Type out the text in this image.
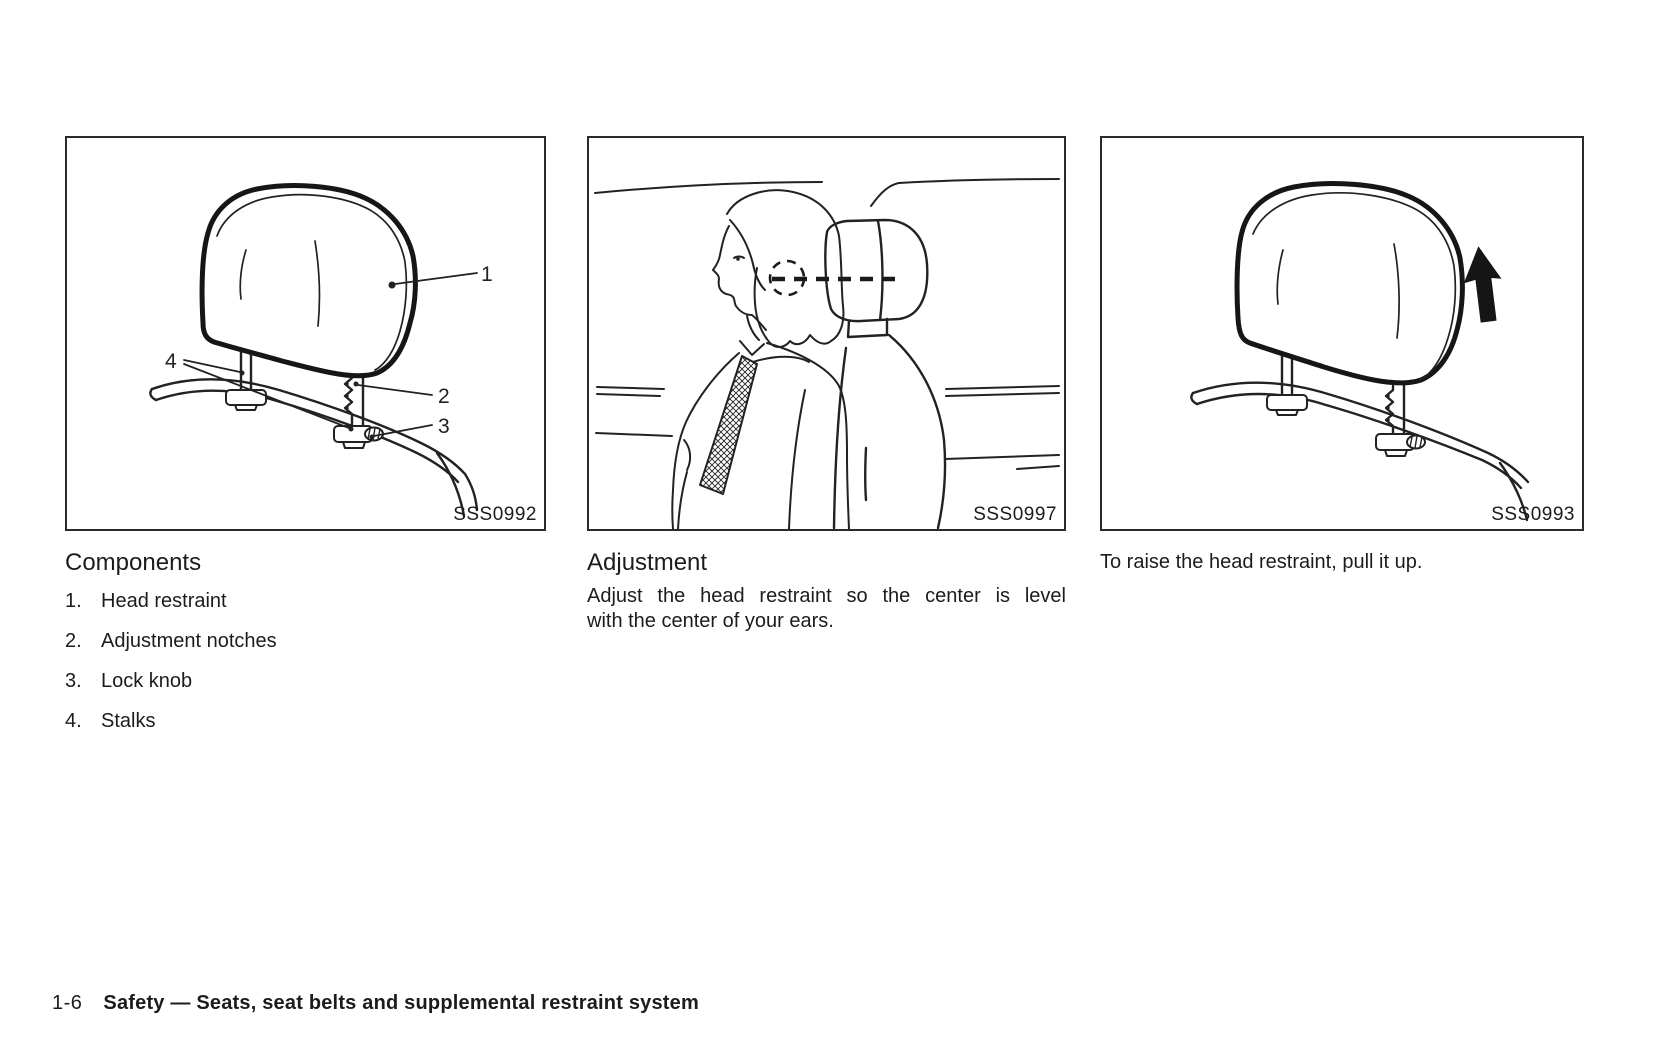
1
4
2
3
SSS0992	SSS0997	SSS0993
Components
1. Head restraint
2. Adjustment notches
3. Lock knob
4. Stalks
Adjustment
Adjust the head restraint so the center is level
with the center of your ears.
To raise the head restraint, pull it up.
1-6 Safety — Seats, seat belts and supplemental restraint system
